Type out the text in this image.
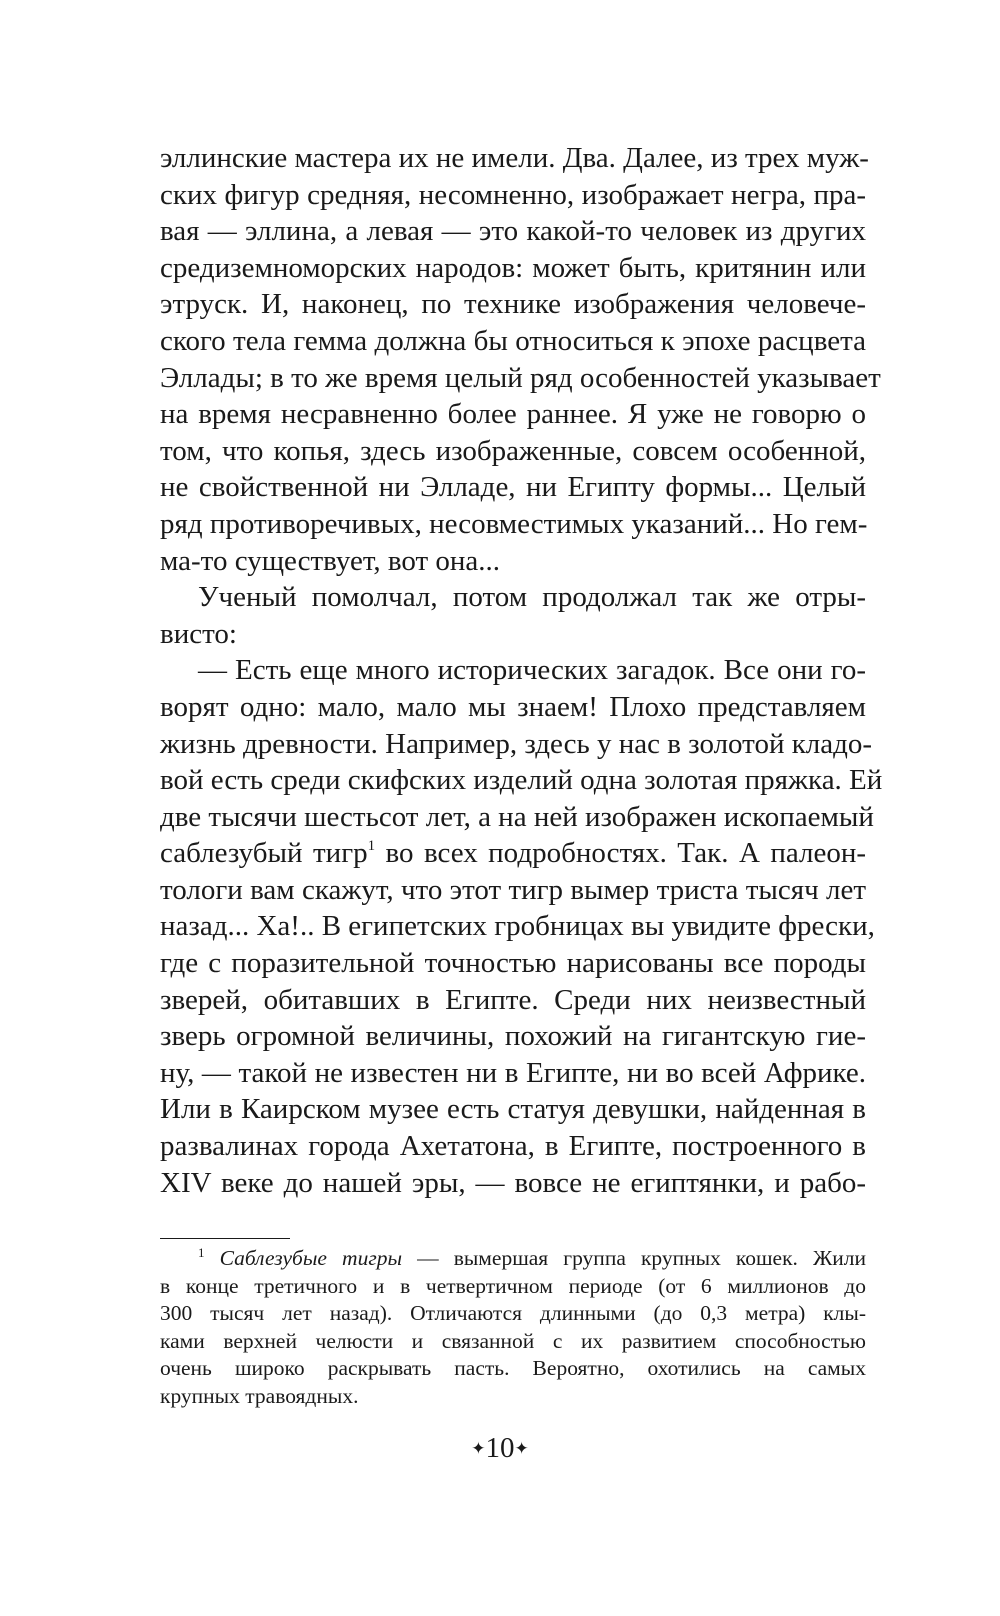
эллинские мастера их не имели. Два. Далее, из трех муж-
ских фигур средняя, несомненно, изображает негра, пра-
вая — эллина, а левая — это какой-то человек из других
средиземноморских народов: может быть, критянин или
этруск. И, наконец, по технике изображения человече-
ского тела гемма должна бы относиться к эпохе расцвета
Эллады; в то же время целый ряд особенностей указывает
на время несравненно более раннее. Я уже не говорю о
том, что копья, здесь изображенные, совсем особенной,
не свойственной ни Элладе, ни Египту формы... Целый
ряд противоречивых, несовместимых указаний... Но гем-
ма-то существует, вот она...
Ученый помолчал, потом продолжал так же отры-
висто:
— Есть еще много исторических загадок. Все они го-
ворят одно: мало, мало мы знаем! Плохо представляем
жизнь древности. Например, здесь у нас в золотой кладо-
вой есть среди скифских изделий одна золотая пряжка. Ей
две тысячи шестьсот лет, а на ней изображен ископаемый
саблезубый тигр$^1$ во всех подробностях. Так. А палеон-
тологи вам скажут, что этот тигр вымер триста тысяч лет
назад... Ха!.. В египетских гробницах вы увидите фрески,
где с поразительной точностью нарисованы все породы
зверей, обитавших в Египте. Среди них неизвестный
зверь огромной величины, похожий на гигантскую гие-
ну, — такой не известен ни в Египте, ни во всей Африке.
Или в Каирском музее есть статуя девушки, найденная в
развалинах города Ахетатона, в Египте, построенного в
XIV веке до нашей эры, — вовсе не египтянки, и рабо-
$^1$ Саблезубые тигры — вымершая группа крупных кошек. Жили
в конце третичного и в четвертичном периоде (от 6 миллионов до
300 тысяч лет назад). Отличаются длинными (до 0,3 метра) клы-
ками верхней челюсти и связанной с их развитием способностью
очень широко раскрывать пасть. Вероятно, охотились на самых
крупных травоядных.
✦10✦
